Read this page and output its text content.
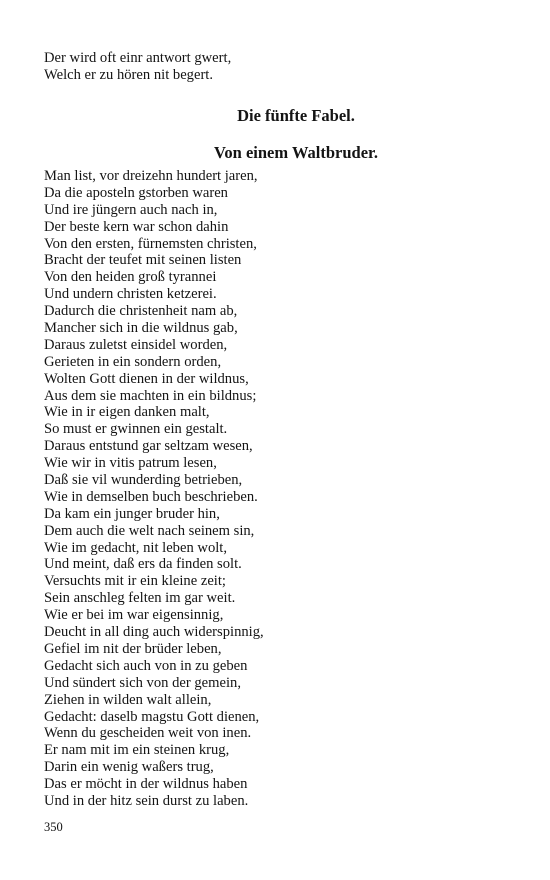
Der wird oft einr antwort gwert,
Welch er zu hören nit begert.
Die fünfte Fabel.
Von einem Waltbruder.
Man list, vor dreizehn hundert jaren,
Da die aposteln gstorben waren
Und ire jüngern auch nach in,
Der beste kern war schon dahin
Von den ersten, fürnemsten christen,
Bracht der teufet mit seinen listen
Von den heiden groß tyrannei
Und undern christen ketzerei.
Dadurch die christenheit nam ab,
Mancher sich in die wildnus gab,
Daraus zuletst einsidel worden,
Gerieten in ein sondern orden,
Wolten Gott dienen in der wildnus,
Aus dem sie machten in ein bildnus;
Wie in ir eigen danken malt,
So must er gwinnen ein gestalt.
Daraus entstund gar seltzam wesen,
Wie wir in vitis patrum lesen,
Daß sie vil wunderding betrieben,
Wie in demselben buch beschrieben.
Da kam ein junger bruder hin,
Dem auch die welt nach seinem sin,
Wie im gedacht, nit leben wolt,
Und meint, daß ers da finden solt.
Versuchts mit ir ein kleine zeit;
Sein anschleg felten im gar weit.
Wie er bei im war eigensinnig,
Deucht in all ding auch widerspinnig,
Gefiel im nit der brüder leben,
Gedacht sich auch von in zu geben
Und sündert sich von der gemein,
Ziehen in wilden walt allein,
Gedacht: daselb magstu Gott dienen,
Wenn du gescheiden weit von inen.
Er nam mit im ein steinen krug,
Darin ein wenig waßers trug,
Das er möcht in der wildnus haben
Und in der hitz sein durst zu laben.
350
